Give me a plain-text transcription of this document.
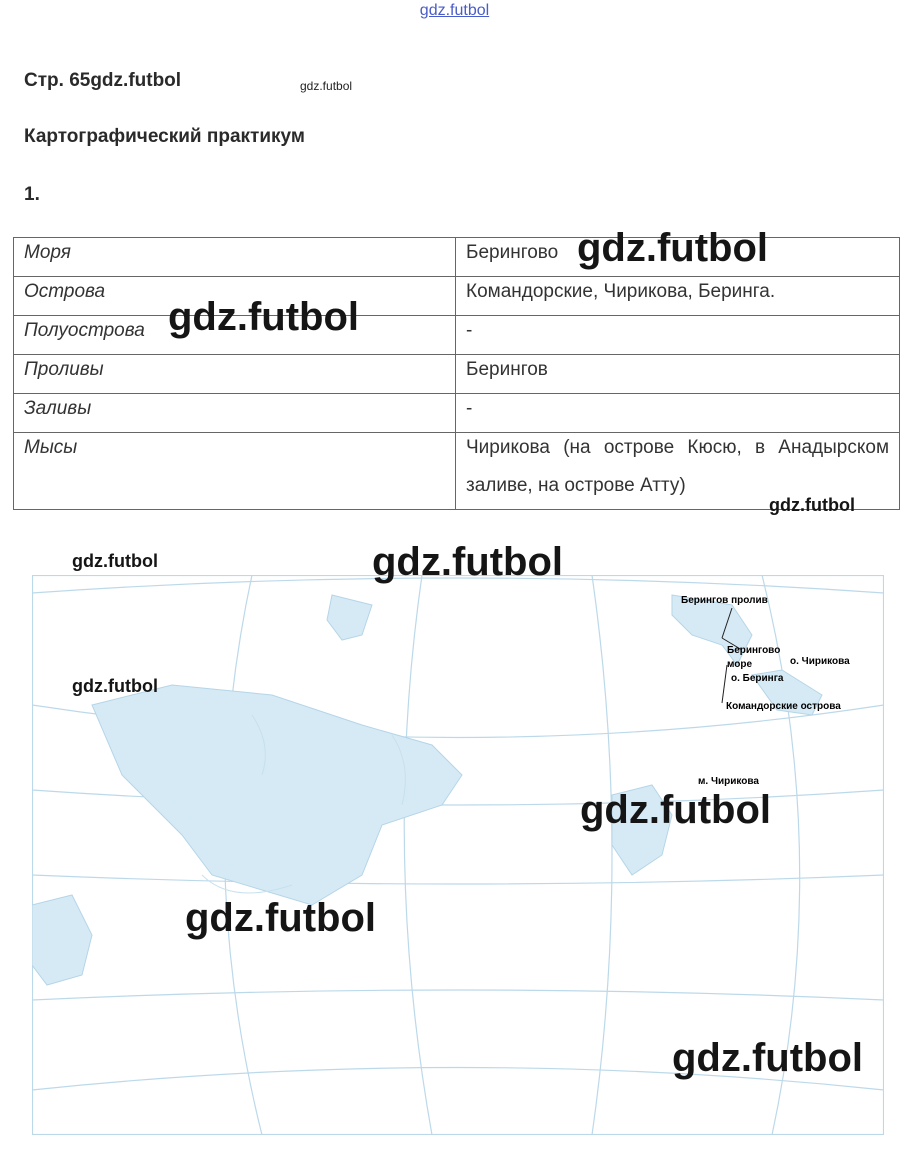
gdz.futbol
Стр. 65gdz.futbol	gdz.futbol
Картографический практикум
1.
Моря	Берингово
Острова	Командорские, Чирикова, Беринга.
Полуострова	-
Проливы	Берингов
Заливы	-
Мысы	Чирикова (на острове Кюсю, в Анадырском заливе, на острове Атту)
Берингов пролив
Берингово
море	о. Чирикова
о. Беринга
Командорские острова
м. Чирикова
gdz.futbol
gdz.futbol
gdz.futbol
gdz.futbol	gdz.futbol
gdz.futbol
gdz.futbol
gdz.futbol
gdz.futbol
